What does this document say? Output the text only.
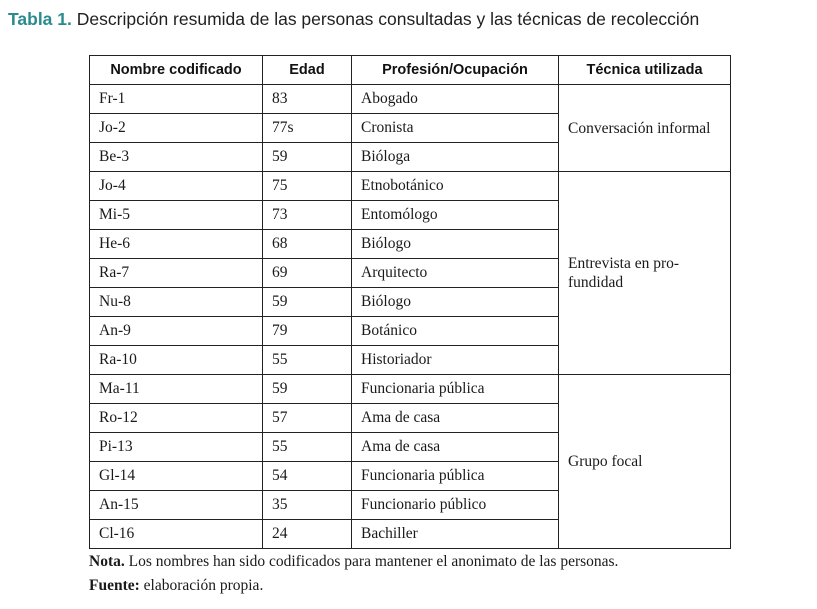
Tabla 1. Descripción resumida de las personas consultadas y las técnicas de recolección
Nombre codificado	Edad	Profesión/Ocupación	Técnica utilizada
Fr-1	83	Abogado	Conversación informal
Jo-2	77s	Cronista	
Be-3	59	Bióloga	
Jo-4	75	Etnobotánico	Entrevista en pro-fundidad
Mi-5	73	Entomólogo	
He-6	68	Biólogo	
Ra-7	69	Arquitecto	
Nu-8	59	Biólogo	
An-9	79	Botánico	
Ra-10	55	Historiador	
Ma-11	59	Funcionaria pública	Grupo focal
Ro-12	57	Ama de casa	
Pi-13	55	Ama de casa	
Gl-14	54	Funcionaria pública	
An-15	35	Funcionario público	
Cl-16	24	Bachiller	
Nota. Los nombres han sido codificados para mantener el anonimato de las personas.
Fuente: elaboración propia.
